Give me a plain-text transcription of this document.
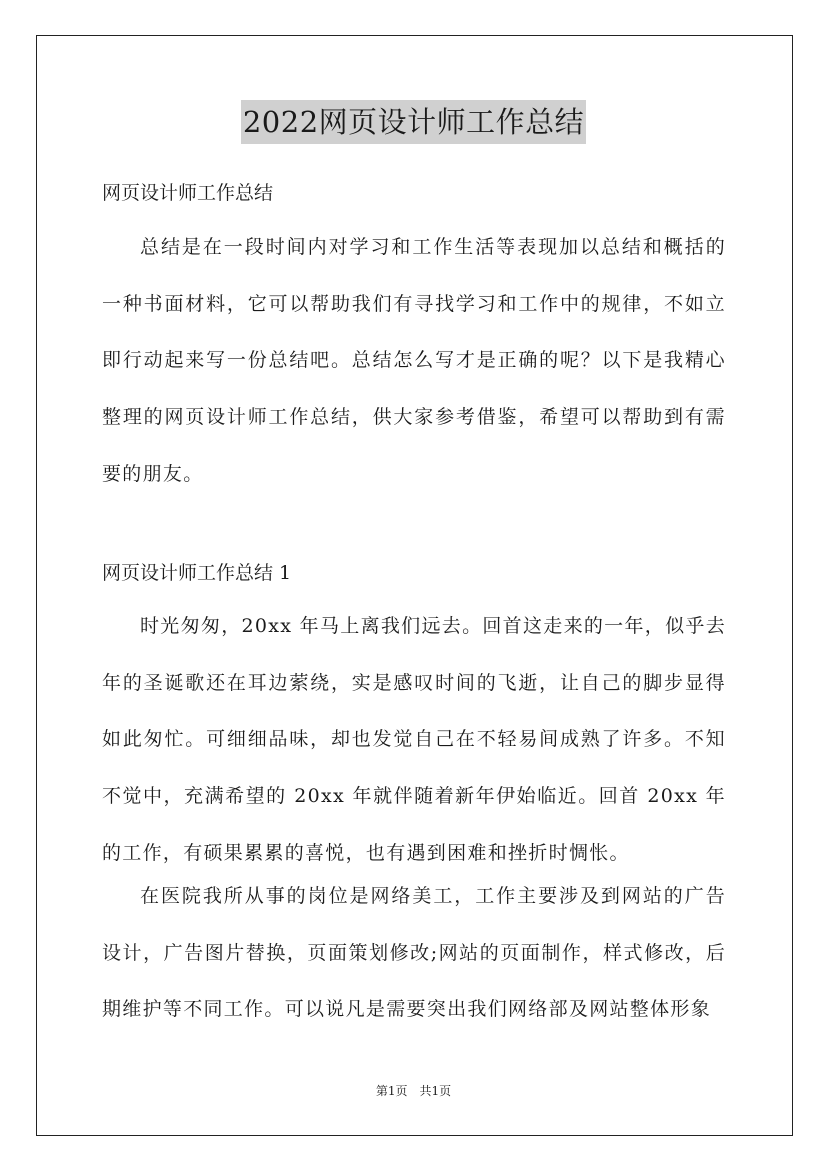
2022网页设计师工作总结
网页设计师工作总结

总结是在一段时间内对学习和工作生活等表现加以总结和概括的一种书面材料，它可以帮助我们有寻找学习和工作中的规律，不如立即行动起来写一份总结吧。总结怎么写才是正确的呢？以下是我精心整理的网页设计师工作总结，供大家参考借鉴，希望可以帮助到有需要的朋友。

网页设计师工作总结 1

时光匆匆，20xx 年马上离我们远去。回首这走来的一年，似乎去年的圣诞歌还在耳边萦绕，实是感叹时间的飞逝，让自己的脚步显得如此匆忙。可细细品味，却也发觉自己在不轻易间成熟了许多。不知不觉中，充满希望的 20xx 年就伴随着新年伊始临近。回首 20xx 年的工作，有硕果累累的喜悦，也有遇到困难和挫折时惆怅。

在医院我所从事的岗位是网络美工，工作主要涉及到网站的广告设计，广告图片替换，页面策划修改;网站的页面制作，样式修改，后期维护等不同工作。可以说凡是需要突出我们网络部及网站整体形象

第1页　共1页
